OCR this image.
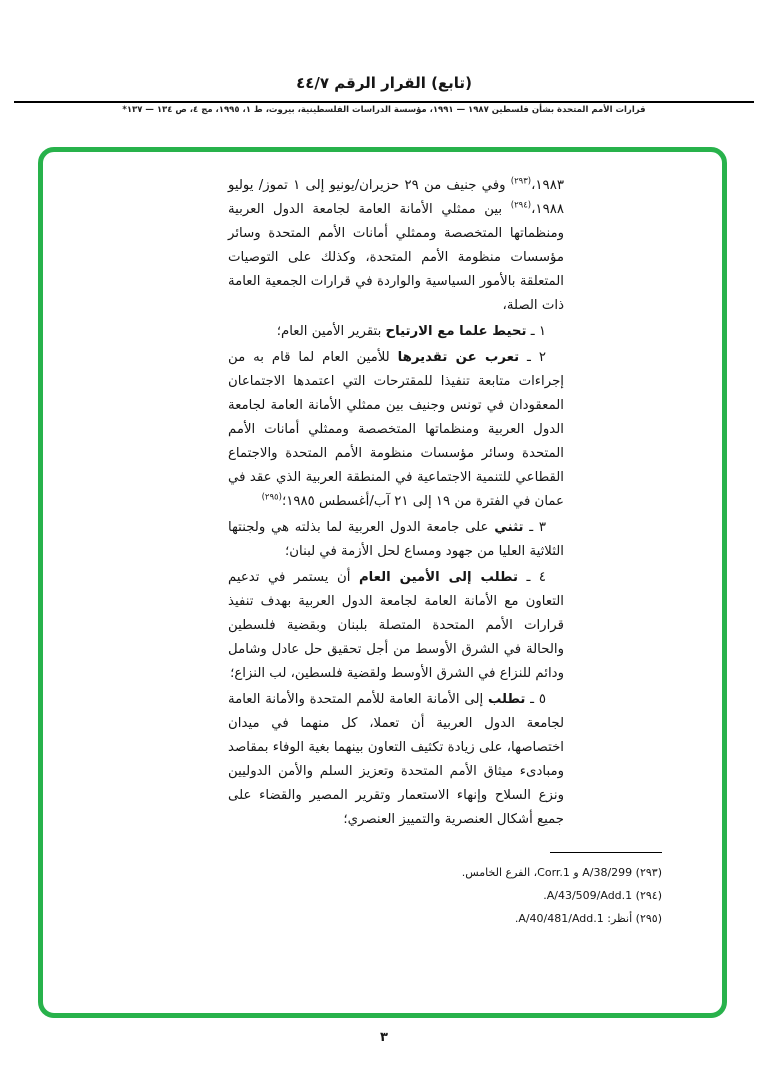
(تابع) القرار الرقم ٤٤/٧
قرارات الأمم المتحدة بشأن فلسطين ١٩٨٧ — ١٩٩١، مؤسسة الدراسات الفلسطينية، بيروت، ط ١، ١٩٩٥، مج ٤، ص ١٣٤ — ١٣٧*

١٩٨٣،$^{(٢٩٣)}$ وفي جنيف من ٢٩ حزيران/يونيو إلى ١ تموز/ يوليو ١٩٨٨،$^{(٢٩٤)}$ بين ممثلي الأمانة العامة لجامعة الدول العربية ومنظماتها المتخصصة وممثلي أمانات الأمم المتحدة وسائر مؤسسات منظومة الأمم المتحدة، وكذلك على التوصيات المتعلقة بالأمور السياسية والواردة في قرارات الجمعية العامة ذات الصلة،

١ ـ تحيط علما مع الارتياح بتقرير الأمين العام؛

٢ ـ تعرب عن تقديرها للأمين العام لما قام به من إجراءات متابعة تنفيذا للمقترحات التي اعتمدها الاجتماعان المعقودان في تونس وجنيف بين ممثلي الأمانة العامة لجامعة الدول العربية ومنظماتها المتخصصة وممثلي أمانات الأمم المتحدة وسائر مؤسسات منظومة الأمم المتحدة والاجتماع القطاعي للتنمية الاجتماعية في المنطقة العربية الذي عقد في عمان في الفترة من ١٩ إلى ٢١ آب/أغسطس ١٩٨٥؛$^{(٢٩٥)}$

٣ ـ تثني على جامعة الدول العربية لما بذلته هي ولجنتها الثلاثية العليا من جهود ومساع لحل الأزمة في لبنان؛

٤ ـ تطلب إلى الأمين العام أن يستمر في تدعيم التعاون مع الأمانة العامة لجامعة الدول العربية بهدف تنفيذ قرارات الأمم المتحدة المتصلة بلبنان وبقضية فلسطين والحالة في الشرق الأوسط من أجل تحقيق حل عادل وشامل ودائم للنزاع في الشرق الأوسط ولقضية فلسطين، لب النزاع؛

٥ ـ تطلب إلى الأمانة العامة للأمم المتحدة والأمانة العامة لجامعة الدول العربية أن تعملا، كل منهما في ميدان اختصاصها، على زيادة تكثيف التعاون بينهما بغية الوفاء بمقاصد ومبادىء ميثاق الأمم المتحدة وتعزيز السلم والأمن الدوليين ونزع السلاح وإنهاء الاستعمار وتقرير المصير والقضاء على جميع أشكال العنصرية والتمييز العنصري؛

(٢٩٣) A/38/299 و Corr.1، الفرع الخامس.
(٢٩٤) A/43/509/Add.1.
(٢٩٥) أنظر: A/40/481/Add.1.
٣
